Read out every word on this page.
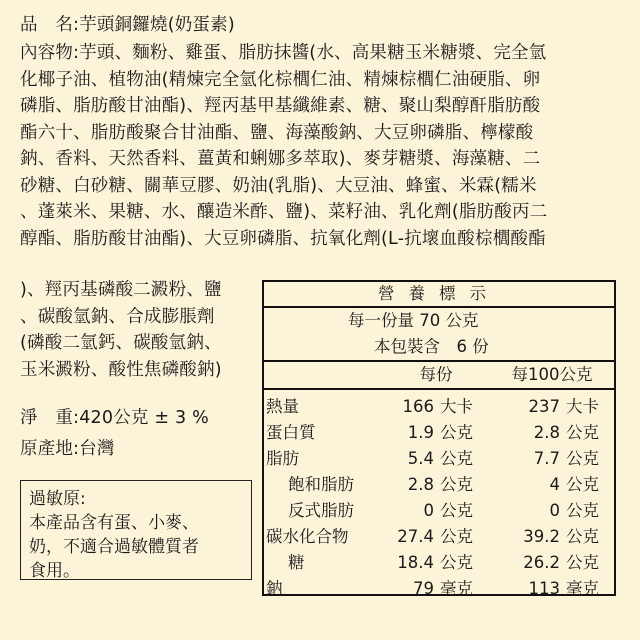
品　名:芋頭銅鑼燒(奶蛋素)
內容物:芋頭、麵粉、雞蛋、脂肪抹醬(水、高果糖玉米糖漿、完全氫
化椰子油、植物油(精煉完全氫化棕櫚仁油、精煉棕櫚仁油硬脂、卵
磷脂、脂肪酸甘油酯)、羥丙基甲基纖維素、糖、聚山梨醇酐脂肪酸
酯六十、脂肪酸聚合甘油酯、鹽、海藻酸鈉、大豆卵磷脂、檸檬酸
鈉、香料、天然香料、薑黃和蜊娜多萃取)、麥芽糖漿、海藻糖、二
砂糖、白砂糖、關華豆膠、奶油(乳脂)、大豆油、蜂蜜、米霖(糯米
、蓬萊米、果糖、水、釀造米酢、鹽)、菜籽油、乳化劑(脂肪酸丙二
醇酯、脂肪酸甘油酯)、大豆卵磷脂、抗氧化劑(L-抗壞血酸棕櫚酸酯
)、羥丙基磷酸二澱粉、鹽
、碳酸氫鈉、合成膨脹劑
(磷酸二氫鈣、碳酸氫鈉、
玉米澱粉、酸性焦磷酸鈉)
淨　重:420公克 ± 3 %
原產地:台灣
過敏原:
本產品含有蛋、小麥、
奶，不適合過敏體質者
食用。
營養標示
每一份量 70 公克
本包裝含　6 份
每份	每100公克
熱量	166 大卡	237 大卡
蛋白質	1.9 公克	2.8 公克
脂肪	5.4 公克	7.7 公克
飽和脂肪	2.8 公克	4 公克
反式脂肪	0 公克	0 公克
碳水化合物	27.4 公克	39.2 公克
糖	18.4 公克	26.2 公克
鈉	79 毫克	113 毫克
